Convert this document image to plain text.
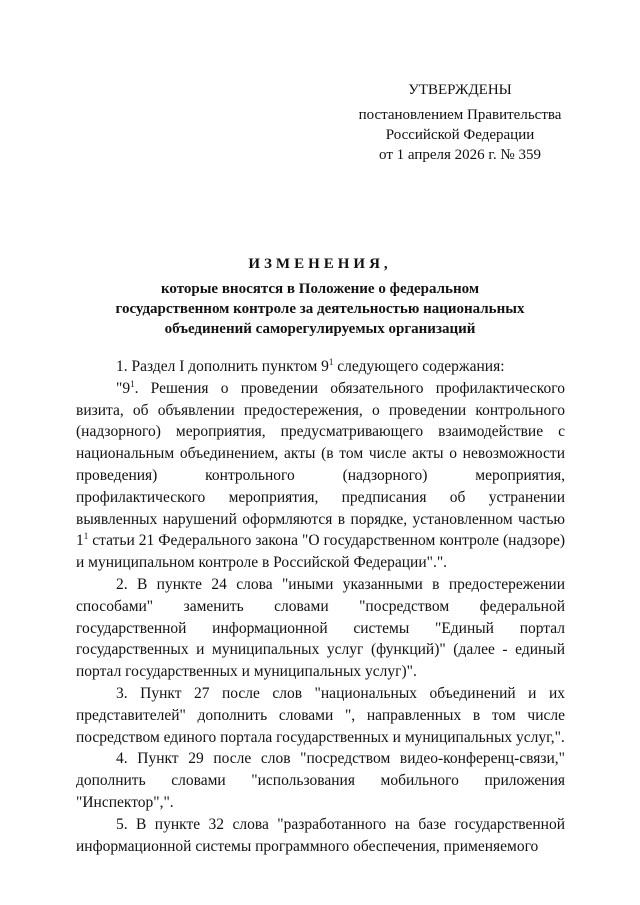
УТВЕРЖДЕНЫ
постановлением Правительства
Российской Федерации
от 1 апреля 2026 г. № 359
ИЗМЕНЕНИЯ,
которые вносятся в Положение о федеральном
государственном контроле за деятельностью национальных
объединений саморегулируемых организаций

1. Раздел I дополнить пунктом $9^1$ следующего содержания:

"$9^1$. Решения о проведении обязательного профилактического визита, об объявлении предостережения, о проведении контрольного (надзорного) мероприятия, предусматривающего взаимодействие с национальным объединением, акты (в том числе акты о невозможности проведения) контрольного (надзорного) мероприятия, профилактического мероприятия, предписания об устранении выявленных нарушений оформляются в порядке, установленном частью $1^1$ статьи 21 Федерального закона "О государственном контроле (надзоре) и муниципальном контроле в Российской Федерации".".

2. В пункте 24 слова "иными указанными в предостережении способами" заменить словами "посредством федеральной государственной информационной системы "Единый портал государственных и муниципальных услуг (функций)" (далее - единый портал государственных и муниципальных услуг)".

3. Пункт 27 после слов "национальных объединений и их представителей" дополнить словами ", направленных в том числе посредством единого портала государственных и муниципальных услуг,".

4. Пункт 29 после слов "посредством видео-конференц-связи," дополнить словами "использования мобильного приложения "Инспектор",".

5. В пункте 32 слова "разработанного на базе государственной информационной системы программного обеспечения, применяемого
